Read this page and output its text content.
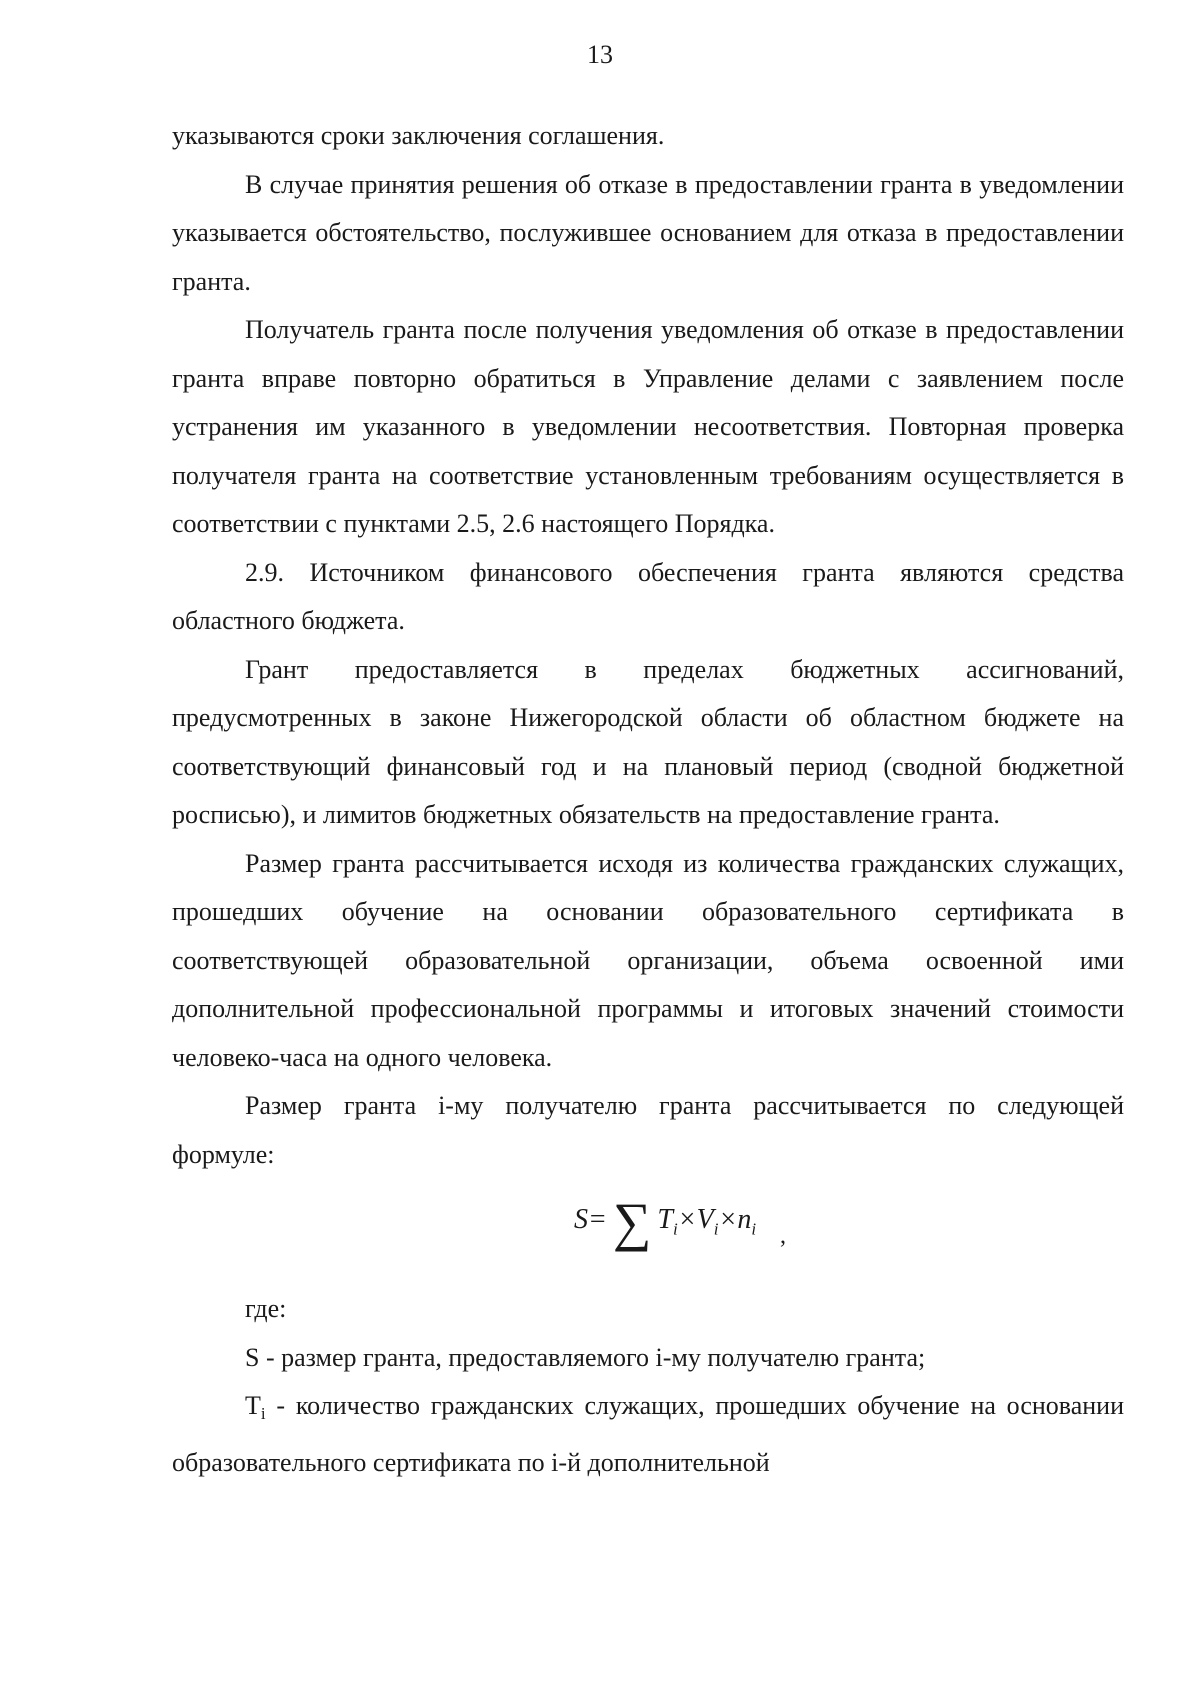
13

указываются сроки заключения соглашения.

В случае принятия решения об отказе в предоставлении гранта в уведомлении указывается обстоятельство, послужившее основанием для отказа в предоставлении гранта.

Получатель гранта после получения уведомления об отказе в предоставлении гранта вправе повторно обратиться в Управление делами с заявлением после устранения им указанного в уведомлении несоответствия. Повторная проверка получателя гранта на соответствие установленным требованиям осуществляется в соответствии с пунктами 2.5, 2.6 настоящего Порядка.

2.9. Источником финансового обеспечения гранта являются средства областного бюджета.

Грант предоставляется в пределах бюджетных ассигнований, предусмотренных в законе Нижегородской области об областном бюджете на соответствующий финансовый год и на плановый период (сводной бюджетной росписью), и лимитов бюджетных обязательств на предоставление гранта.

Размер гранта рассчитывается исходя из количества гражданских служащих, прошедших обучение на основании образовательного сертификата в соответствующей образовательной организации, объема освоенной ими дополнительной профессиональной программы и итоговых значений стоимости человеко-часа на одного человека.

Размер гранта i-му получателю гранта рассчитывается по следующей формуле:

S= ∑ $T_i\times V_i\times n_i$ ,

где:

S - размер гранта, предоставляемого i-му получателю гранта;

$T_i$ - количество гражданских служащих, прошедших обучение на основании образовательного сертификата по i-й дополнительной
